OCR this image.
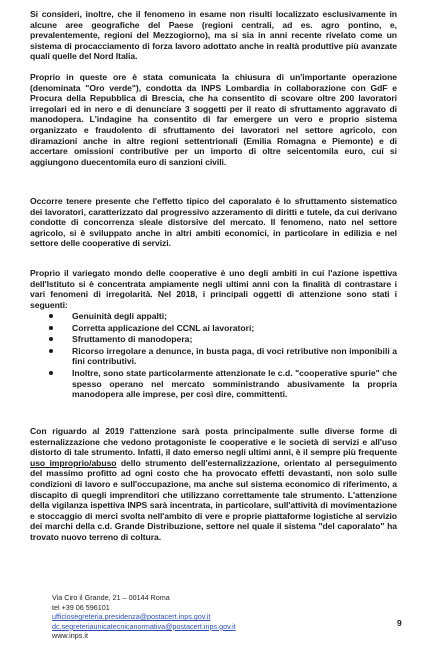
Si consideri, inoltre, che il fenomeno in esame non risulti localizzato esclusivamente in alcune aree geografiche del Paese (regioni centrali, ad es. agro pontino, e, prevalentemente, regioni del Mezzogiorno), ma si sia in anni recente rivelato come un sistema di procacciamento di forza lavoro adottato anche in realtà produttive più avanzate quali quelle del Nord Italia.

Proprio in queste ore è stata comunicata la chiusura di un'importante operazione (denominata "Oro verde"), condotta da INPS Lombardia in collaborazione con GdF e Procura della Repubblica di Brescia, che ha consentito di scovare oltre 200 lavoratori irregolari ed in nero e di denunciare 3 soggetti per il reato di sfruttamento aggravato di manodopera. L'indagine ha consentito di far emergere un vero e proprio sistema organizzato e fraudolento di sfruttamento dei lavoratori nel settore agricolo, con diramazioni anche in altre regioni settentrionali (Emilia Romagna e Piemonte) e di accertare omissioni contributive per un importo di oltre seicentomila euro, cui si aggiungono duecentomila euro di sanzioni civili.

Occorre tenere presente che l'effetto tipico del caporalato è lo sfruttamento sistematico dei lavoratori, caratterizzato dal progressivo azzeramento di diritti e tutele, da cui derivano condotte di concorrenza sleale distorsive del mercato. Il fenomeno, nato nel settore agricolo, si è sviluppato anche in altri ambiti economici, in particolare in edilizia e nel settore delle cooperative di servizi.

Proprio il variegato mondo delle cooperative è uno degli ambiti in cui l'azione ispettiva dell'Istituto si è concentrata ampiamente negli ultimi anni con la finalità di contrastare i vari fenomeni di irregolarità. Nel 2018, i principali oggetti di attenzione sono stati i seguenti:

Genuinità degli appalti;
Corretta applicazione del CCNL ai lavoratori;
Sfruttamento di manodopera;
Ricorso irregolare a denunce, in busta paga, di voci retributive non imponibili a fini contributivi.
Inoltre, sono state particolarmente attenzionate le c.d. "cooperative spurie" che spesso operano nel mercato somministrando abusivamente la propria manodopera alle imprese, per così dire, committenti.

Con riguardo al 2019 l'attenzione sarà posta principalmente sulle diverse forme di esternalizzazione che vedono protagoniste le cooperative e le società di servizi e all'uso distorto di tale strumento. Infatti, il dato emerso negli ultimi anni, è il sempre più frequente uso improprio/abuso dello strumento dell'esternalizzazione, orientato al perseguimento del massimo profitto ad ogni costo che ha provocato effetti devastanti, non solo sulle condizioni di lavoro e sull'occupazione, ma anche sul sistema economico di riferimento, a discapito di quegli imprenditori che utilizzano correttamente tale strumento. L'attenzione della vigilanza ispettiva INPS sarà incentrata, in particolare, sull'attività di movimentazione e stoccaggio di merci svolta nell'ambito di vere e proprie piattaforme logistiche al servizio dei marchi della c.d. Grande Distribuzione, settore nel quale il sistema "del caporalato" ha trovato nuovo terreno di coltura.

Via Ciro il Grande, 21 – 00144 Roma
tel +39 06 596101
ufficiosegreteria.presidenza@postacert.inps.gov.it
dc.segreteriaunicatecnicanormativa@postacert.inps.gov.it
www.inps.it
9
